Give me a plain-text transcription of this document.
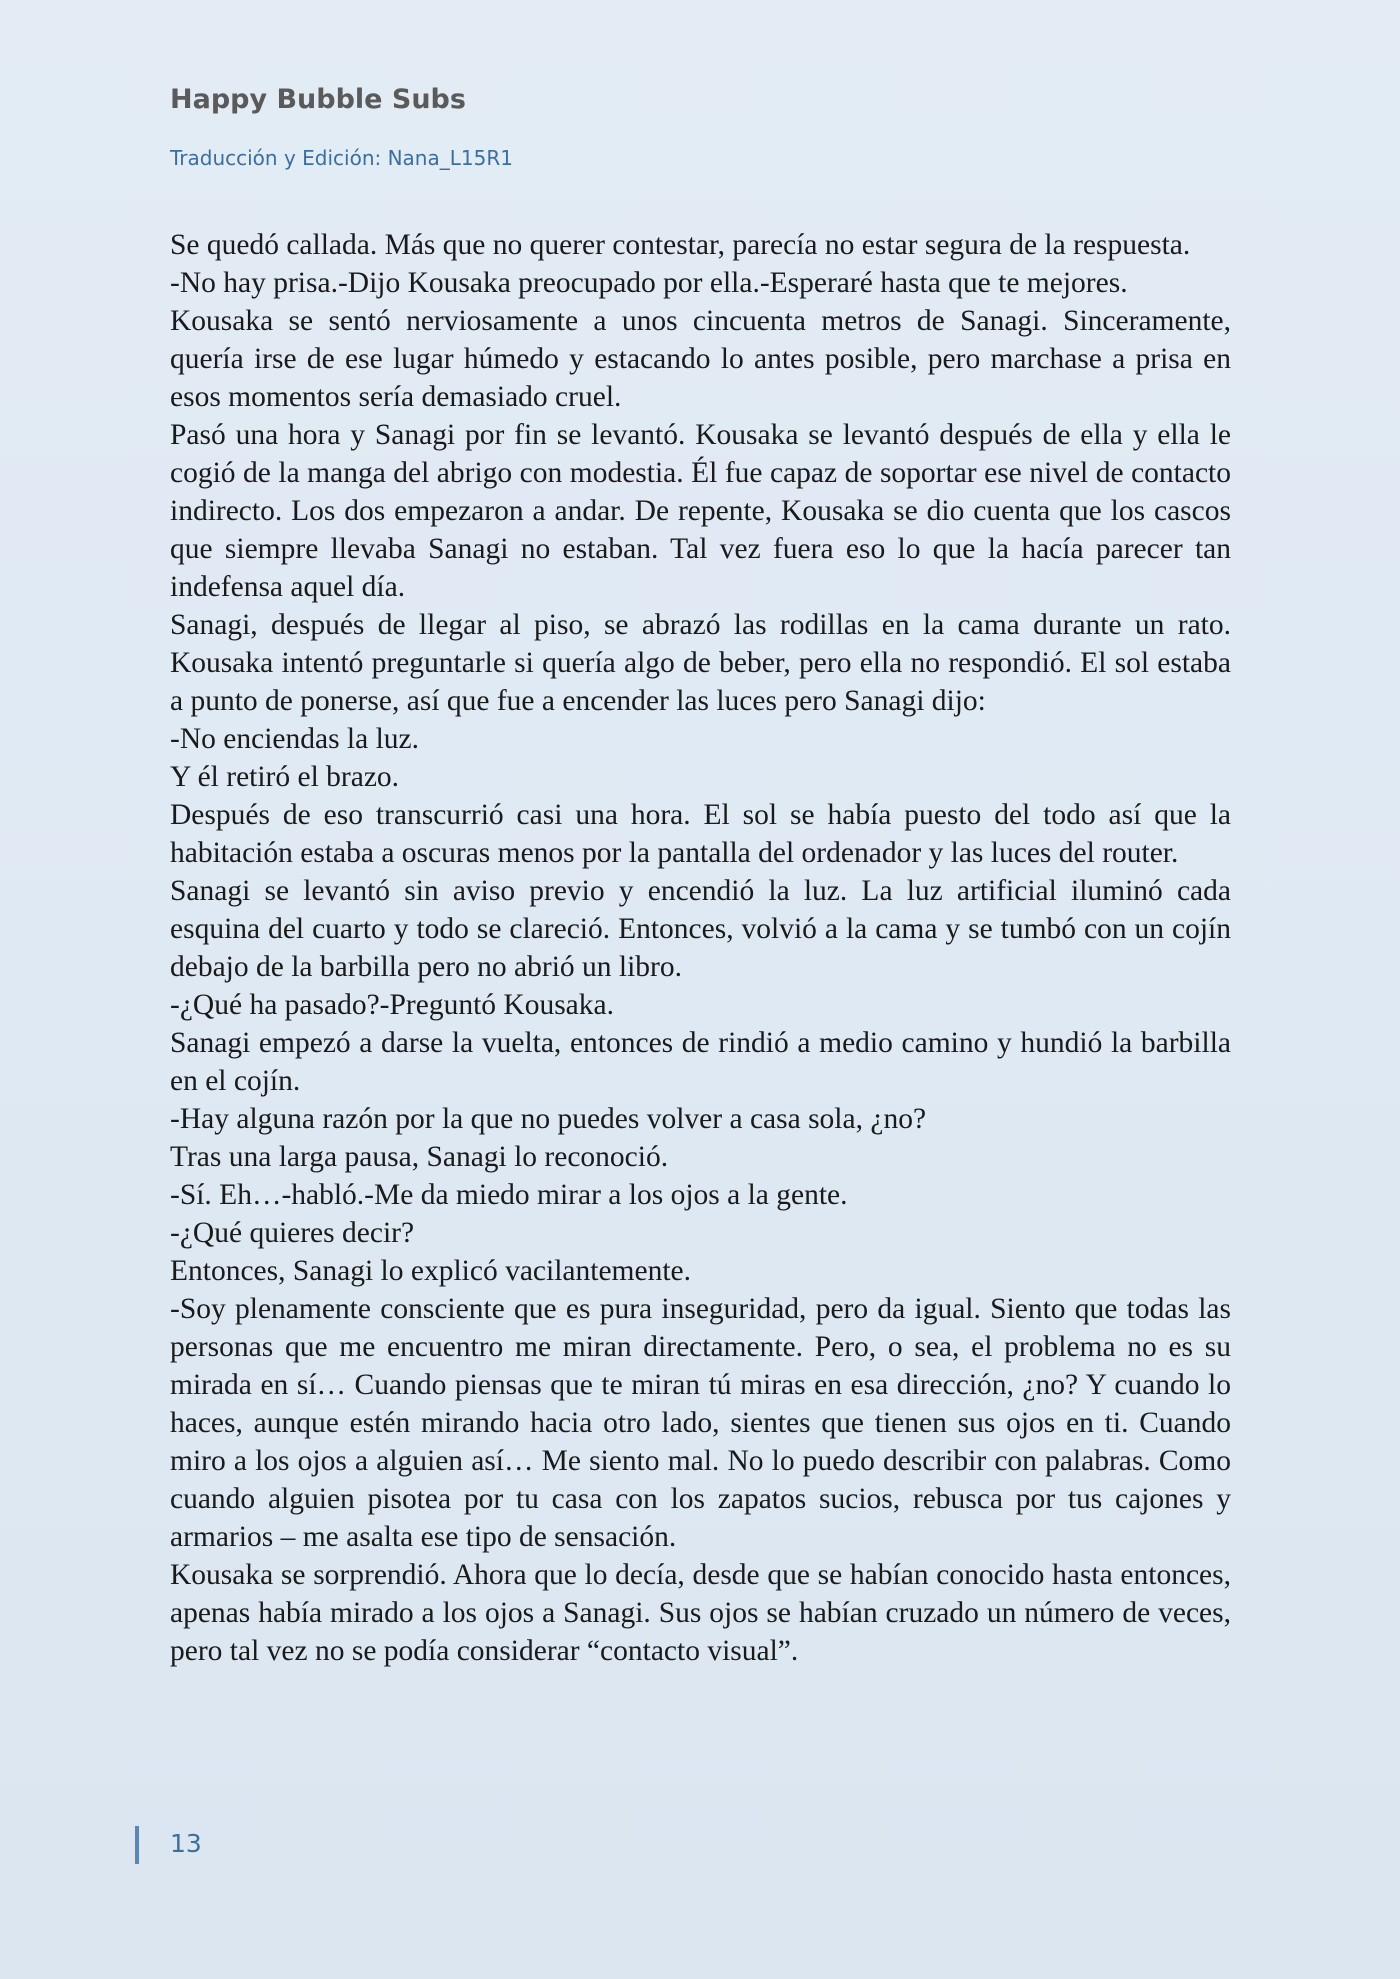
Happy Bubble Subs
Traducción y Edición: Nana_L15R1

Se quedó callada. Más que no querer contestar, parecía no estar segura de la respuesta.

-No hay prisa.-Dijo Kousaka preocupado por ella.-Esperaré hasta que te mejores.

Kousaka se sentó nerviosamente a unos cincuenta metros de Sanagi. Sinceramente, quería irse de ese lugar húmedo y estacando lo antes posible, pero marchase a prisa en esos momentos sería demasiado cruel.

Pasó una hora y Sanagi por fin se levantó. Kousaka se levantó después de ella y ella le cogió de la manga del abrigo con modestia. Él fue capaz de soportar ese nivel de contacto indirecto. Los dos empezaron a andar. De repente, Kousaka se dio cuenta que los cascos que siempre llevaba Sanagi no estaban. Tal vez fuera eso lo que la hacía parecer tan indefensa aquel día.

Sanagi, después de llegar al piso, se abrazó las rodillas en la cama durante un rato. Kousaka intentó preguntarle si quería algo de beber, pero ella no respondió. El sol estaba a punto de ponerse, así que fue a encender las luces pero Sanagi dijo:

-No enciendas la luz.

Y él retiró el brazo.

Después de eso transcurrió casi una hora. El sol se había puesto del todo así que la habitación estaba a oscuras menos por la pantalla del ordenador y las luces del router.

Sanagi se levantó sin aviso previo y encendió la luz. La luz artificial iluminó cada esquina del cuarto y todo se clareció. Entonces, volvió a la cama y se tumbó con un cojín debajo de la barbilla pero no abrió un libro.

-¿Qué ha pasado?-Preguntó Kousaka.

Sanagi empezó a darse la vuelta, entonces de rindió a medio camino y hundió la barbilla en el cojín.

-Hay alguna razón por la que no puedes volver a casa sola, ¿no?

Tras una larga pausa, Sanagi lo reconoció.

-Sí. Eh…-habló.-Me da miedo mirar a los ojos a la gente.

-¿Qué quieres decir?

Entonces, Sanagi lo explicó vacilantemente.

-Soy plenamente consciente que es pura inseguridad, pero da igual. Siento que todas las personas que me encuentro me miran directamente. Pero, o sea, el problema no es su mirada en sí… Cuando piensas que te miran tú miras en esa dirección, ¿no? Y cuando lo haces, aunque estén mirando hacia otro lado, sientes que tienen sus ojos en ti. Cuando miro a los ojos a alguien así… Me siento mal. No lo puedo describir con palabras. Como cuando alguien pisotea por tu casa con los zapatos sucios, rebusca por tus cajones y armarios – me asalta ese tipo de sensación.

Kousaka se sorprendió. Ahora que lo decía, desde que se habían conocido hasta entonces, apenas había mirado a los ojos a Sanagi. Sus ojos se habían cruzado un número de veces, pero tal vez no se podía considerar “contacto visual”.

13
